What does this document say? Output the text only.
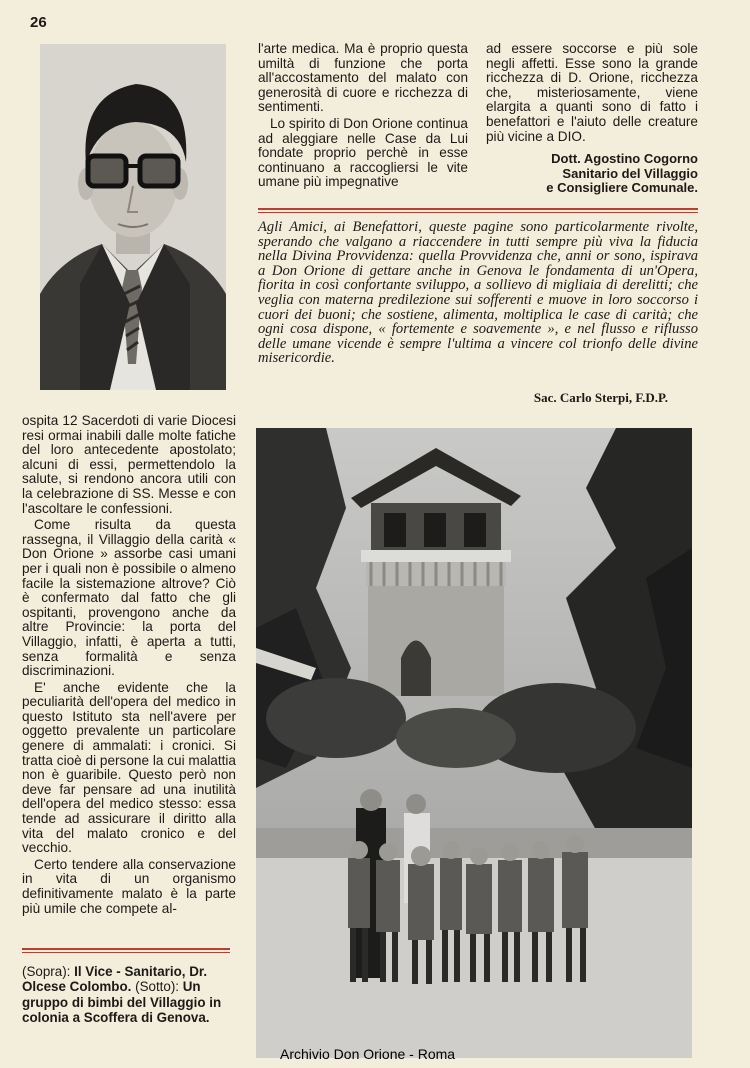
26

l'arte medica. Ma è proprio questa umiltà di funzione che porta all'accostamento del malato con generosità di cuore e ricchezza di sentimenti.

Lo spirito di Don Orione continua ad aleggiare nelle Case da Lui fondate proprio perchè in esse continuano a raccogliersi le vite umane più impegnative

ad essere soccorse e più sole negli affetti. Esse sono la grande ricchezza di D. Orione, ricchezza che, misteriosamente, viene elargita a quanti sono di fatto i benefattori e l'aiuto delle creature più vicine a DIO.

Dott. Agostino Cogorno
Sanitario del Villaggio
e Consigliere Comunale.

Agli Amici, ai Benefattori, queste pagine sono particolarmente rivolte, sperando che valgano a riaccendere in tutti sempre più viva la fiducia nella Divina Provvidenza: quella Provvidenza che, anni or sono, ispirava a Don Orione di gettare anche in Genova le fondamenta di un'Opera, fiorita in così confortante sviluppo, a sollievo di migliaia di derelitti; che veglia con materna predilezione sui sofferenti e muove in loro soccorso i cuori dei buoni; che sostiene, alimenta, moltiplica le case di carità; che ogni cosa dispone, « fortemente e soavemente », e nel flusso e riflusso delle umane vicende è sempre l'ultima a vincere col trionfo delle divine misericordie.

Sac. Carlo Sterpi, F.D.P.

ospita 12 Sacerdoti di varie Diocesi resi ormai inabili dalle molte fatiche del loro antecedente apostolato; alcuni di essi, permettendolo la salute, si rendono ancora utili con la celebrazione di SS. Messe e con l'ascoltare le confessioni.

Come risulta da questa rassegna, il Villaggio della carità « Don Orione » assorbe casi umani per i quali non è possibile o almeno facile la sistemazione altrove? Ciò è confermato dal fatto che gli ospitanti, provengono anche da altre Provincie: la porta del Villaggio, infatti, è aperta a tutti, senza formalità e senza discriminazioni.

E' anche evidente che la peculiarità dell'opera del medico in questo Istituto sta nell'avere per oggetto prevalente un particolare genere di ammalati: i cronici. Si tratta cioè di persone la cui malattia non è guaribile. Questo però non deve far pensare ad una inutilità dell'opera del medico stesso: essa tende ad assicurare il diritto alla vita del malato cronico e del vecchio.

Certo tendere alla conservazione in vita di un organismo definitivamente malato è la parte più umile che compete al-

(Sopra): Il Vice - Sanitario, Dr. Olcese Colombo. (Sotto): Un gruppo di bimbi del Villaggio in colonia a Scoffera di Genova.
Archivio Don Orione - Roma
